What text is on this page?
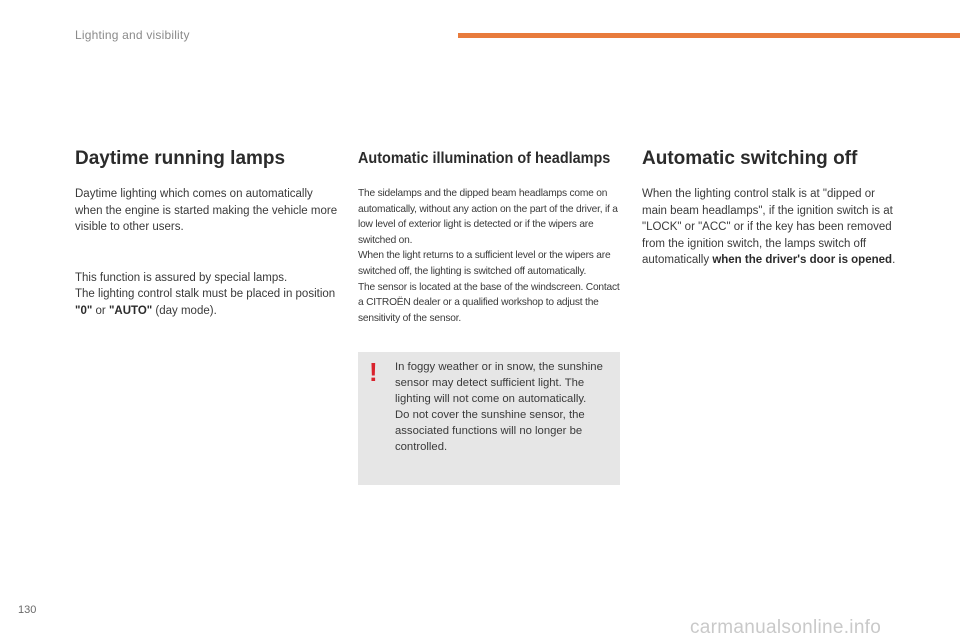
Lighting and visibility
Daytime running lamps

Daytime lighting which comes on automatically when the engine is started making the vehicle more visible to other users.

This function is assured by special lamps.
The lighting control stalk must be placed in position "0" or "AUTO" (day mode).

Automatic illumination of headlamps

The sidelamps and the dipped beam headlamps come on automatically, without any action on the part of the driver, if a low level of exterior light is detected or if the wipers are switched on.

When the light returns to a sufficient level or the wipers are switched off, the lighting is switched off automatically.

The sensor is located at the base of the windscreen. Contact a CITROËN dealer or a qualified workshop to adjust the sensitivity of the sensor.

! In foggy weather or in snow, the sunshine sensor may detect sufficient light. The lighting will not come on automatically.

Do not cover the sunshine sensor, the associated functions will no longer be controlled.

Automatic switching off

When the lighting control stalk is at "dipped or main beam headlamps", if the ignition switch is at "LOCK" or "ACC" or if the key has been removed from the ignition switch, the lamps switch off automatically when the driver's door is opened.

130
carmanualsonline.info
